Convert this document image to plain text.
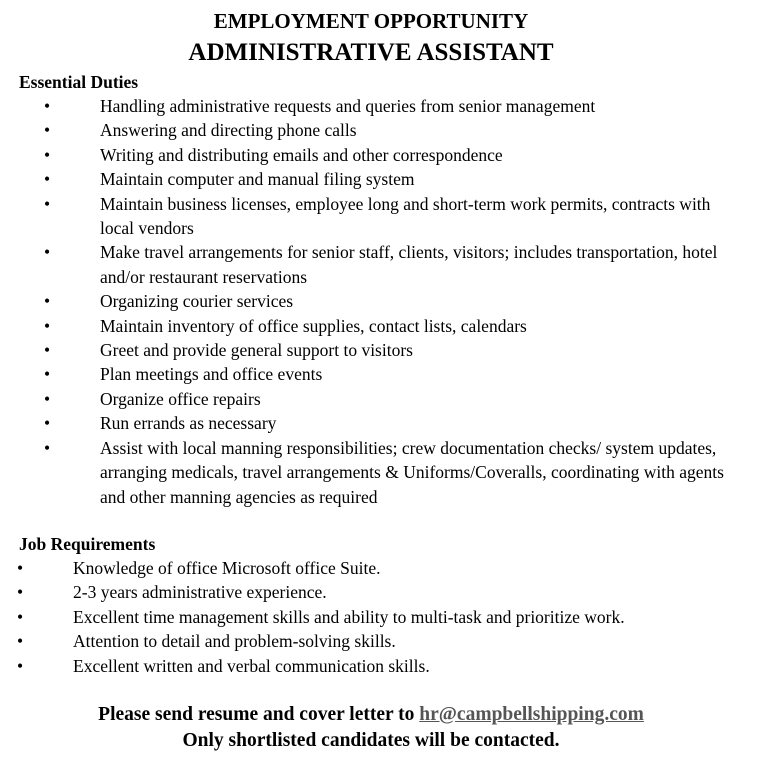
EMPLOYMENT OPPORTUNITY
ADMINISTRATIVE ASSISTANT
Essential Duties
•	Handling administrative requests and queries from senior management
•	Answering and directing phone calls
•	Writing and distributing emails and other correspondence
•	Maintain computer and manual filing system
•	Maintain business licenses, employee long and short-term work permits, contracts with local vendors
•	Make travel arrangements for senior staff, clients, visitors; includes transportation, hotel and/or restaurant reservations
•	Organizing courier services
•	Maintain inventory of office supplies, contact lists, calendars
•	Greet and provide general support to visitors
•	Plan meetings and office events
•	Organize office repairs
•	Run errands as necessary
•	Assist with local manning responsibilities; crew documentation checks/ system updates, arranging medicals, travel arrangements & Uniforms/Coveralls, coordinating with agents and other manning agencies as required
Job Requirements
•	Knowledge of office Microsoft office Suite.
•	2-3 years administrative experience.
•	Excellent time management skills and ability to multi-task and prioritize work.
•	Attention to detail and problem-solving skills.
•	Excellent written and verbal communication skills.
Please send resume and cover letter to hr@campbellshipping.com
Only shortlisted candidates will be contacted.
